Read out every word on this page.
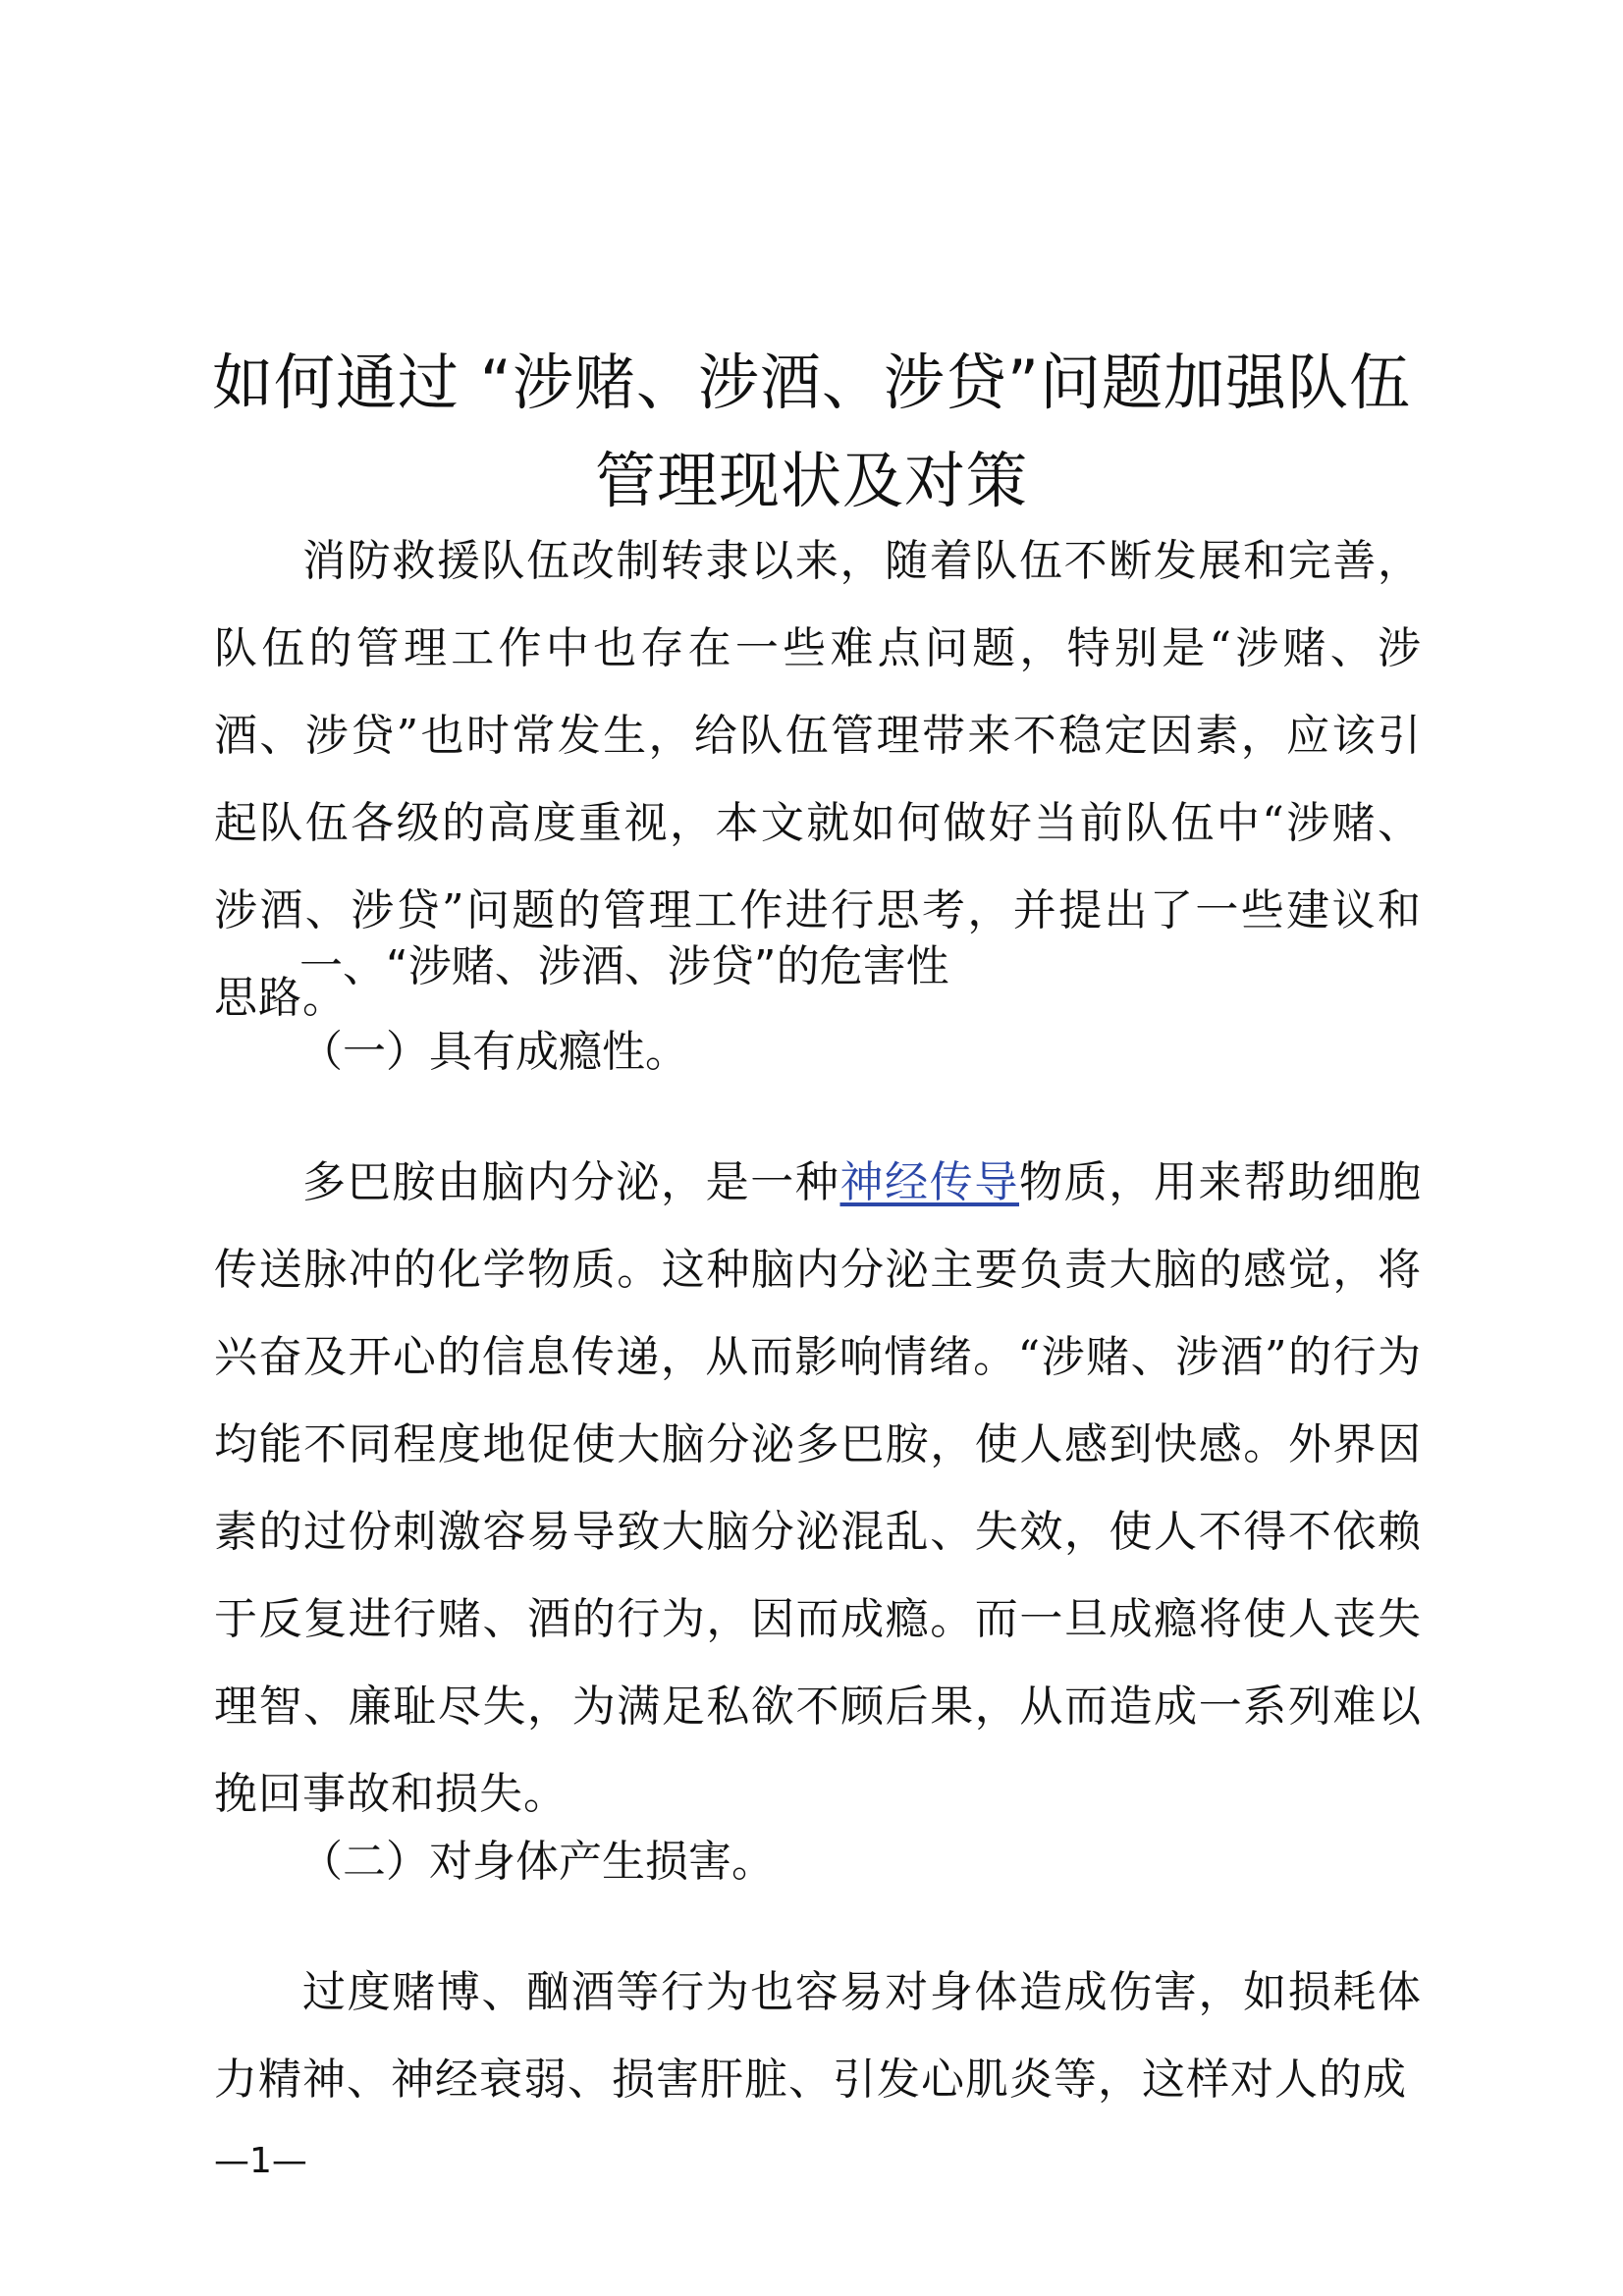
如何通过 “涉赌、涉酒、涉贷”问题加强队伍管理现状及对策

消防救援队伍改制转隶以来，随着队伍不断发展和完善，队伍的管理工作中也存在一些难点问题，特别是“涉赌、涉酒、涉贷”也时常发生，给队伍管理带来不稳定因素，应该引起队伍各级的高度重视，本文就如何做好当前队伍中“涉赌、涉酒、涉贷”问题的管理工作进行思考，并提出了一些建议和思路。

一、“涉赌、涉酒、涉贷”的危害性
（一）具有成瘾性。

多巴胺由脑内分泌，是一种神经传导物质，用来帮助细胞传送脉冲的化学物质。这种脑内分泌主要负责大脑的感觉，将兴奋及开心的信息传递，从而影响情绪。“涉赌、涉酒”的行为均能不同程度地促使大脑分泌多巴胺，使人感到快感。外界因素的过份刺激容易导致大脑分泌混乱、失效，使人不得不依赖于反复进行赌、酒的行为，因而成瘾。而一旦成瘾将使人丧失理智、廉耻尽失，为满足私欲不顾后果，从而造成一系列难以挽回事故和损失。

（二）对身体产生损害。

过度赌博、酗酒等行为也容易对身体造成伤害，如损耗体力精神、神经衰弱、损害肝脏、引发心肌炎等，这样对人的成

—1—
